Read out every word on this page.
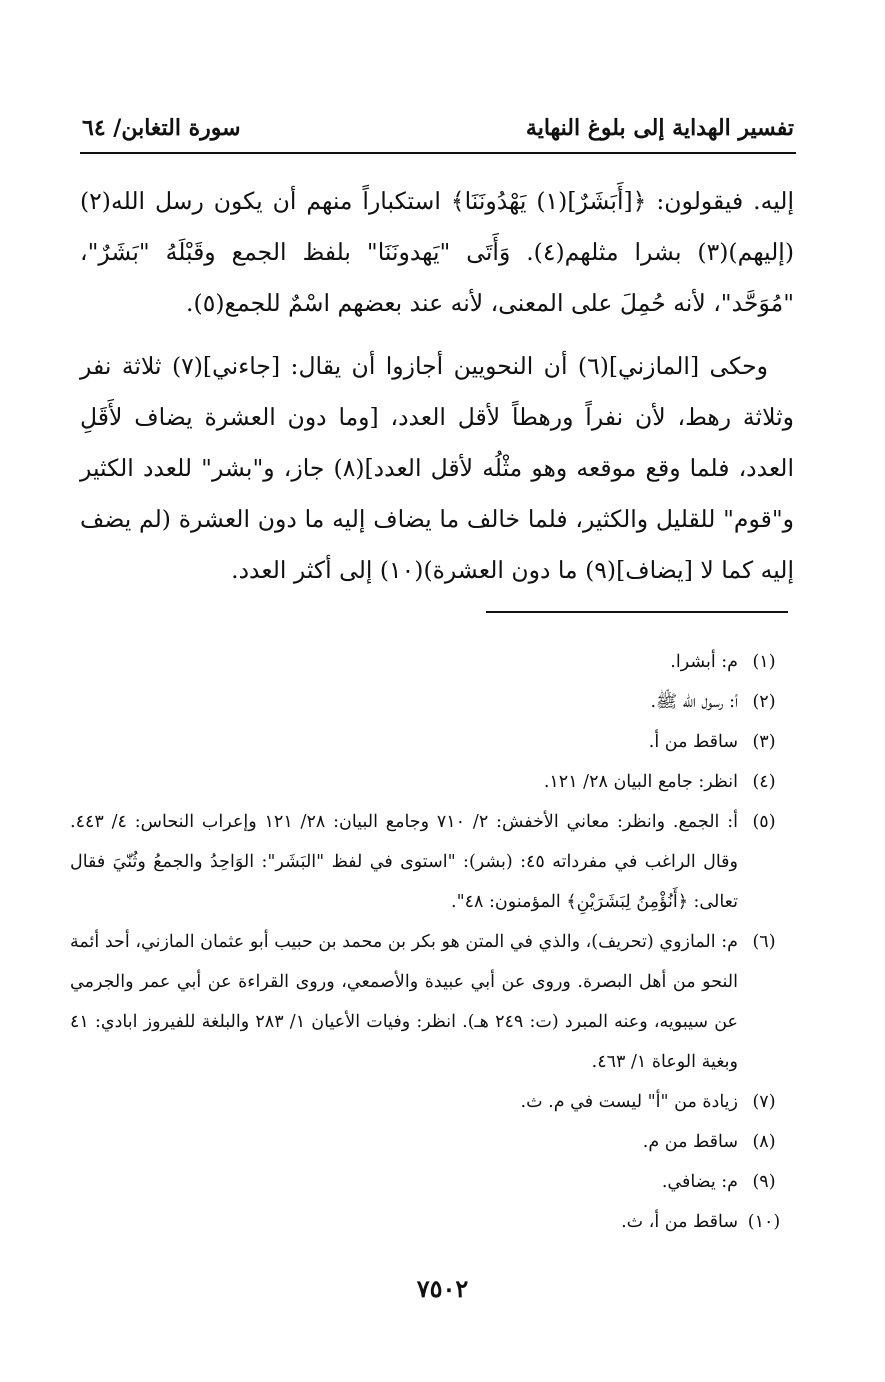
تفسير الهداية إلى بلوغ النهاية
سورة التغابن/ ٦٤

إليه. فيقولون: ﴿[أَبَشَرٌ](١) يَهْدُونَنَا﴾ استكباراً منهم أن يكون رسل الله(٢) (إليهم)(٣) بشرا مثلهم(٤). وَأَتَى "يَهدونَنَا" بلفظ الجمع وقَبْلَهُ "بَشَرٌ"، "مُوَحَّد"، لأنه حُمِلَ على المعنى، لأنه عند بعضهم اسْمٌ للجمع(٥).

وحكى [المازني](٦) أن النحويين أجازوا أن يقال: [جاءني](٧) ثلاثة نفر وثلاثة رهط، لأن نفراً ورهطاً لأقل العدد، [وما دون العشرة يضاف لأَقَلِ العدد، فلما وقع موقعه وهو مثْلُه لأقل العدد](٨) جاز، و"بشر" للعدد الكثير و"قوم" للقليل والكثير، فلما خالف ما يضاف إليه ما دون العشرة (لم يضف إليه كما لا [يضاف](٩) ما دون العشرة)(١٠) إلى أكثر العدد.

(١)
م: أبشرا.
(٢)
أ: رسول الله ﷺ.
(٣)
ساقط من أ.
(٤)
انظر: جامع البيان ٢٨/ ١٢١.
(٥)
أ: الجمع. وانظر: معاني الأخفش: ٢/ ٧١٠ وجامع البيان: ٢٨/ ١٢١ وإعراب النحاس: ٤/ ٤٤٣. وقال الراغب في مفرداته ٤٥: (بشر): "استوى في لفظ "البَشَر": الوَاحِدُ والجمعُ وثُنّيَ فقال تعالى: ﴿أَنُؤْمِنُ لِبَشَرَيْنِ﴾ المؤمنون: ٤٨".
(٦)
م: المازوي (تحريف)، والذي في المتن هو بكر بن محمد بن حبيب أبو عثمان المازني، أحد أئمة النحو من أهل البصرة. وروى عن أبي عبيدة والأصمعي، وروى القراءة عن أبي عمر والجرمي عن سيبويه، وعنه المبرد (ت: ٢٤٩ هـ). انظر: وفيات الأعيان ١/ ٢٨٣ والبلغة للفيروز ابادي: ٤١ وبغية الوعاة ١/ ٤٦٣.
(٧)
زيادة من "أ" ليست في م. ث.
(٨)
ساقط من م.
(٩)
م: يضافي.
(١٠)
ساقط من أ، ث.
٧٥٠٢
